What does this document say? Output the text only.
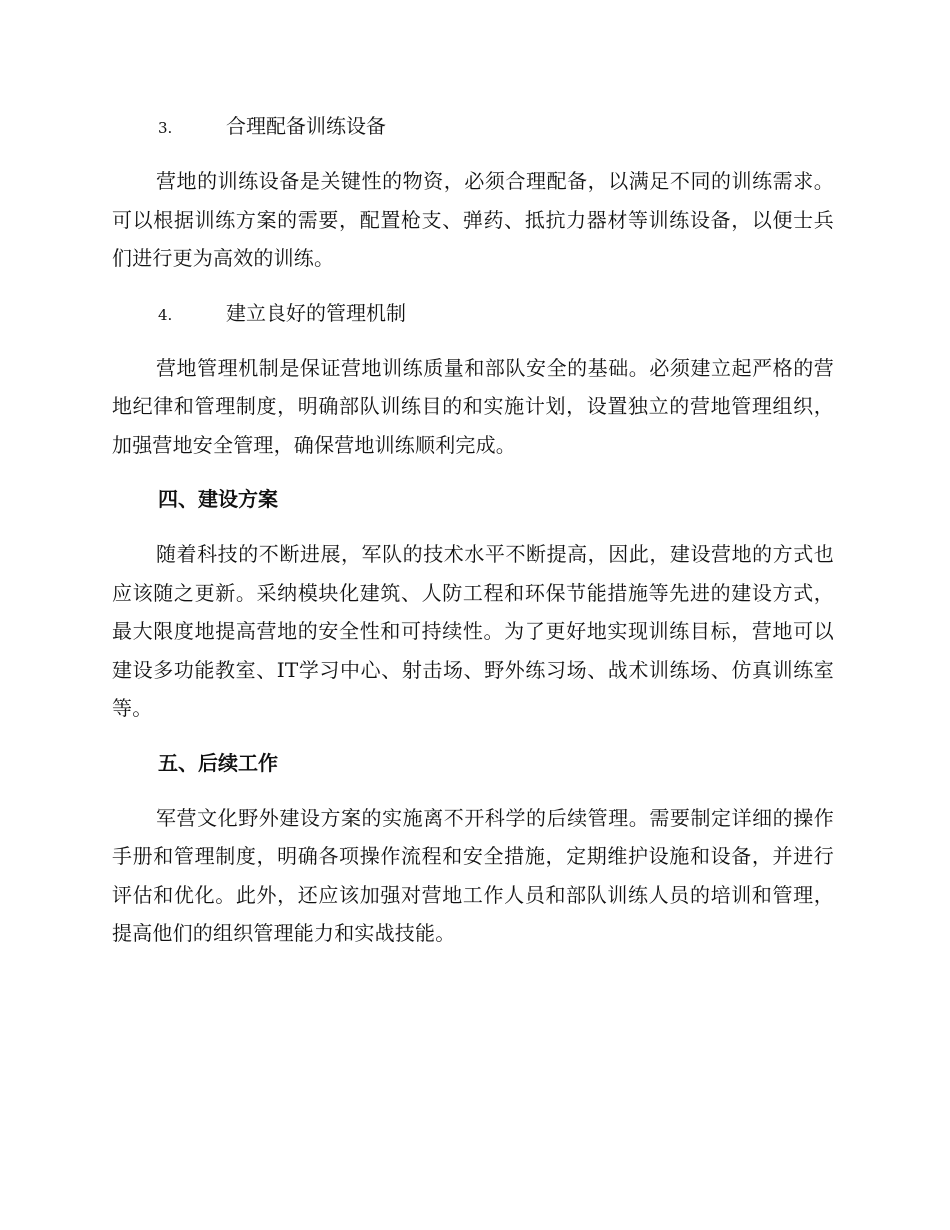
3.	合理配备训练设备

营地的训练设备是关键性的物资，必须合理配备，以满足不同的训练需求。可以根据训练方案的需要，配置枪支、弹药、抵抗力器材等训练设备，以便士兵们进行更为高效的训练。

4.	建立良好的管理机制

营地管理机制是保证营地训练质量和部队安全的基础。必须建立起严格的营地纪律和管理制度，明确部队训练目的和实施计划，设置独立的营地管理组织，加强营地安全管理，确保营地训练顺利完成。

四、建设方案

随着科技的不断进展，军队的技术水平不断提高，因此，建设营地的方式也应该随之更新。采纳模块化建筑、人防工程和环保节能措施等先进的建设方式，最大限度地提高营地的安全性和可持续性。为了更好地实现训练目标，营地可以建设多功能教室、IT学习中心、射击场、野外练习场、战术训练场、仿真训练室等。

五、后续工作

军营文化野外建设方案的实施离不开科学的后续管理。需要制定详细的操作手册和管理制度，明确各项操作流程和安全措施，定期维护设施和设备，并进行评估和优化。此外，还应该加强对营地工作人员和部队训练人员的培训和管理，提高他们的组织管理能力和实战技能。
